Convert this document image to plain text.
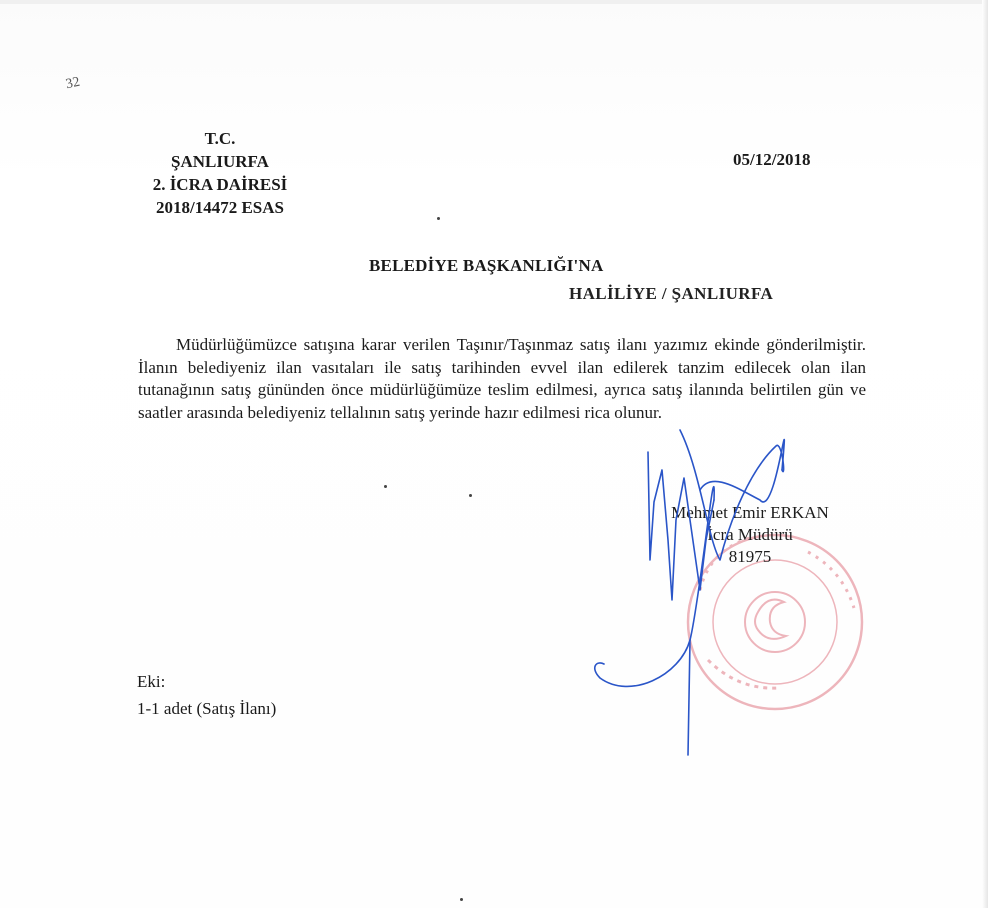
32
T.C.
ŞANLIURFA
2. İCRA DAİRESİ
2018/14472 ESAS
05/12/2018
BELEDİYE BAŞKANLIĞI'NA
HALİLİYE / ŞANLIURFA
Müdürlüğümüzce satışına karar verilen Taşınır/Taşınmaz satış ilanı yazımız ekinde gönderilmiştir. İlanın belediyeniz ilan vasıtaları ile satış tarihinden evvel ilan edilerek tanzim edilecek olan ilan tutanağının satış gününden önce müdürlüğümüze teslim edilmesi, ayrıca satış ilanında belirtilen gün ve saatler arasında belediyeniz tellalının satış yerinde hazır edilmesi rica olunur.
Mehmet Emir ERKAN
İcra Müdürü
81975
Eki:
1-1 adet (Satış İlanı)
